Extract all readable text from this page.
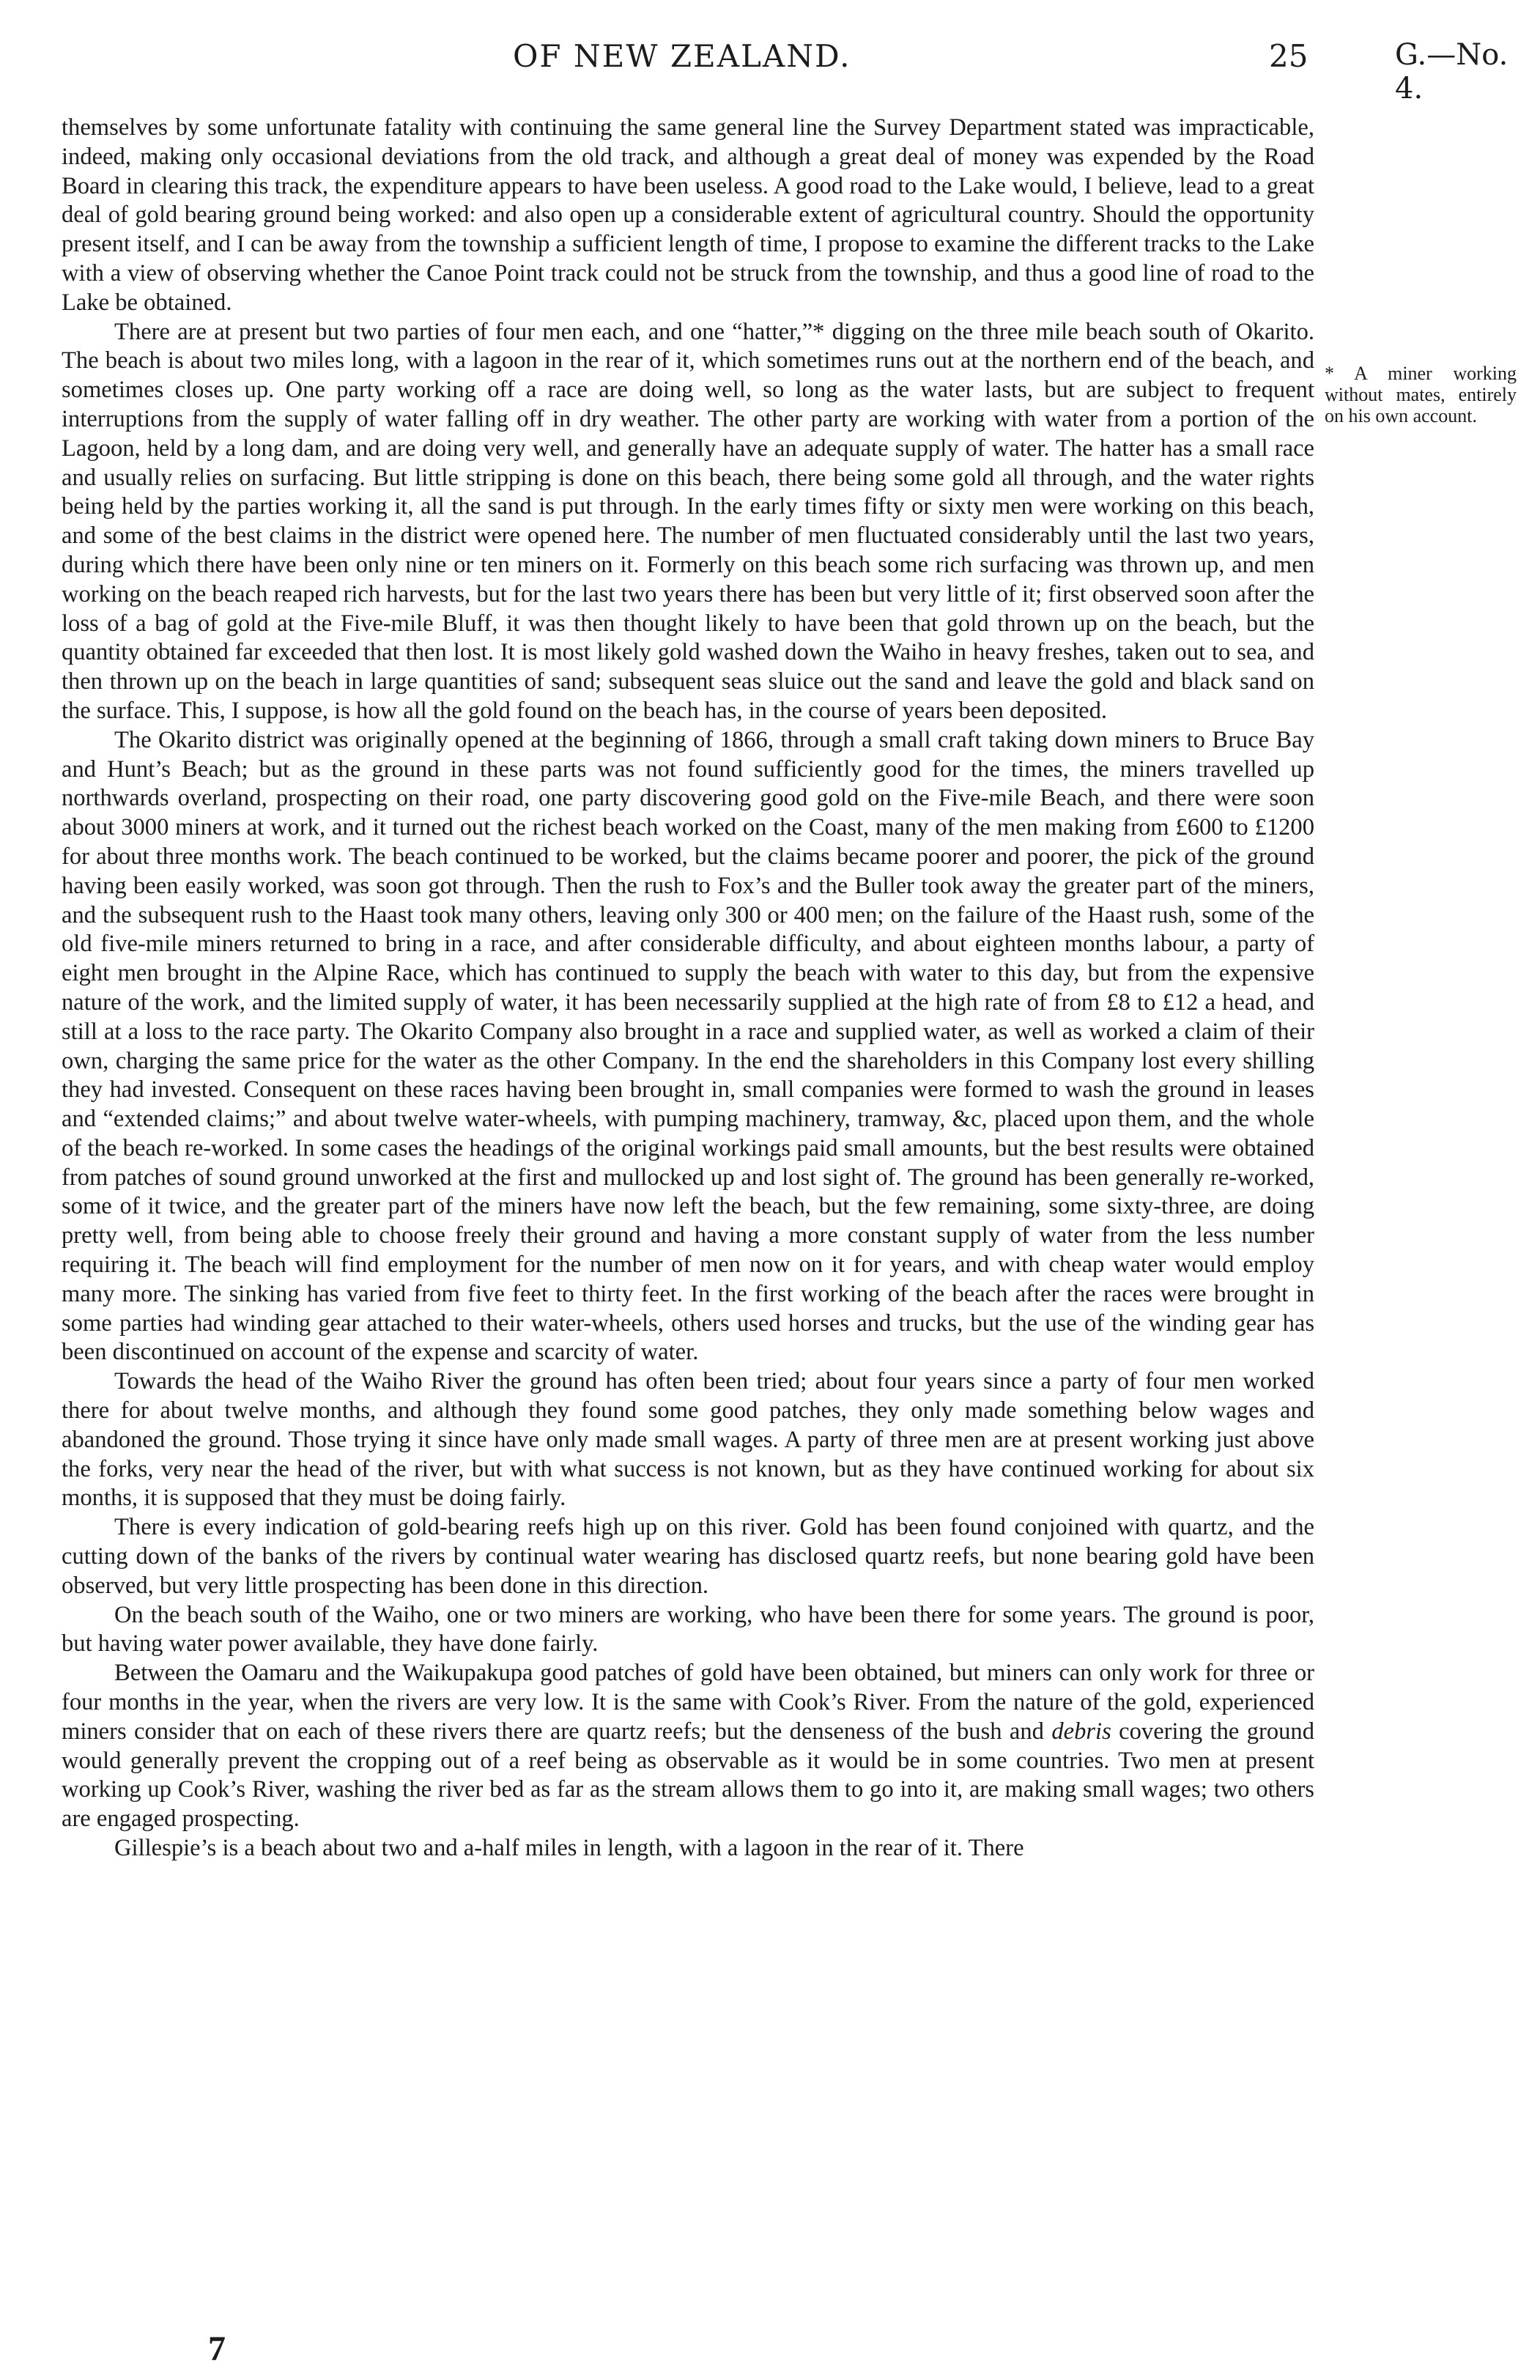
OF NEW ZEALAND.	25	G.—No. 4.

themselves by some unfortunate fatality with continuing the same general line the Survey Department stated was impracticable, indeed, making only occasional deviations from the old track, and although a great deal of money was expended by the Road Board in clearing this track, the expenditure appears to have been useless. A good road to the Lake would, I believe, lead to a great deal of gold bearing ground being worked: and also open up a considerable extent of agricultural country. Should the opportunity present itself, and I can be away from the township a sufficient length of time, I propose to examine the different tracks to the Lake with a view of observing whether the Canoe Point track could not be struck from the township, and thus a good line of road to the Lake be obtained.

There are at present but two parties of four men each, and one “hatter,”* digging on the three mile beach south of Okarito. The beach is about two miles long, with a lagoon in the rear of it, which sometimes runs out at the northern end of the beach, and sometimes closes up. One party working off a race are doing well, so long as the water lasts, but are subject to frequent interruptions from the supply of water falling off in dry weather. The other party are working with water from a portion of the Lagoon, held by a long dam, and are doing very well, and generally have an adequate supply of water. The hatter has a small race and usually relies on surfacing. But little stripping is done on this beach, there being some gold all through, and the water rights being held by the parties working it, all the sand is put through. In the early times fifty or sixty men were working on this beach, and some of the best claims in the district were opened here. The number of men fluctuated considerably until the last two years, during which there have been only nine or ten miners on it. Formerly on this beach some rich surfacing was thrown up, and men working on the beach reaped rich harvests, but for the last two years there has been but very little of it; first observed soon after the loss of a bag of gold at the Five-mile Bluff, it was then thought likely to have been that gold thrown up on the beach, but the quantity obtained far exceeded that then lost. It is most likely gold washed down the Waiho in heavy freshes, taken out to sea, and then thrown up on the beach in large quantities of sand; subsequent seas sluice out the sand and leave the gold and black sand on the surface. This, I suppose, is how all the gold found on the beach has, in the course of years been deposited.

The Okarito district was originally opened at the beginning of 1866, through a small craft taking down miners to Bruce Bay and Hunt’s Beach; but as the ground in these parts was not found sufficiently good for the times, the miners travelled up northwards overland, prospecting on their road, one party discovering good gold on the Five-mile Beach, and there were soon about 3000 miners at work, and it turned out the richest beach worked on the Coast, many of the men making from £600 to £1200 for about three months work. The beach continued to be worked, but the claims became poorer and poorer, the pick of the ground having been easily worked, was soon got through. Then the rush to Fox’s and the Buller took away the greater part of the miners, and the subsequent rush to the Haast took many others, leaving only 300 or 400 men; on the failure of the Haast rush, some of the old five-mile miners returned to bring in a race, and after considerable difficulty, and about eighteen months labour, a party of eight men brought in the Alpine Race, which has continued to supply the beach with water to this day, but from the expensive nature of the work, and the limited supply of water, it has been necessarily supplied at the high rate of from £8 to £12 a head, and still at a loss to the race party. The Okarito Company also brought in a race and supplied water, as well as worked a claim of their own, charging the same price for the water as the other Company. In the end the shareholders in this Company lost every shilling they had invested. Consequent on these races having been brought in, small companies were formed to wash the ground in leases and “extended claims;” and about twelve water-wheels, with pumping machinery, tramway, &c, placed upon them, and the whole of the beach re-worked. In some cases the headings of the original workings paid small amounts, but the best results were obtained from patches of sound ground unworked at the first and mullocked up and lost sight of. The ground has been generally re-worked, some of it twice, and the greater part of the miners have now left the beach, but the few remaining, some sixty-three, are doing pretty well, from being able to choose freely their ground and having a more constant supply of water from the less number requiring it. The beach will find employment for the number of men now on it for years, and with cheap water would employ many more. The sinking has varied from five feet to thirty feet. In the first working of the beach after the races were brought in some parties had winding gear attached to their water-wheels, others used horses and trucks, but the use of the winding gear has been discontinued on account of the expense and scarcity of water.

Towards the head of the Waiho River the ground has often been tried; about four years since a party of four men worked there for about twelve months, and although they found some good patches, they only made something below wages and abandoned the ground. Those trying it since have only made small wages. A party of three men are at present working just above the forks, very near the head of the river, but with what success is not known, but as they have continued working for about six months, it is supposed that they must be doing fairly.

There is every indication of gold-bearing reefs high up on this river. Gold has been found conjoined with quartz, and the cutting down of the banks of the rivers by continual water wearing has disclosed quartz reefs, but none bearing gold have been observed, but very little prospecting has been done in this direction.

On the beach south of the Waiho, one or two miners are working, who have been there for some years. The ground is poor, but having water power available, they have done fairly.

Between the Oamaru and the Waikupakupa good patches of gold have been obtained, but miners can only work for three or four months in the year, when the rivers are very low. It is the same with Cook’s River. From the nature of the gold, experienced miners consider that on each of these rivers there are quartz reefs; but the denseness of the bush and debris covering the ground would generally prevent the cropping out of a reef being as observable as it would be in some countries. Two men at present working up Cook’s River, washing the river bed as far as the stream allows them to go into it, are making small wages; two others are engaged prospecting.

Gillespie’s is a beach about two and a-half miles in length, with a lagoon in the rear of it. There

* A miner working without mates, entirely on his own account.
7
